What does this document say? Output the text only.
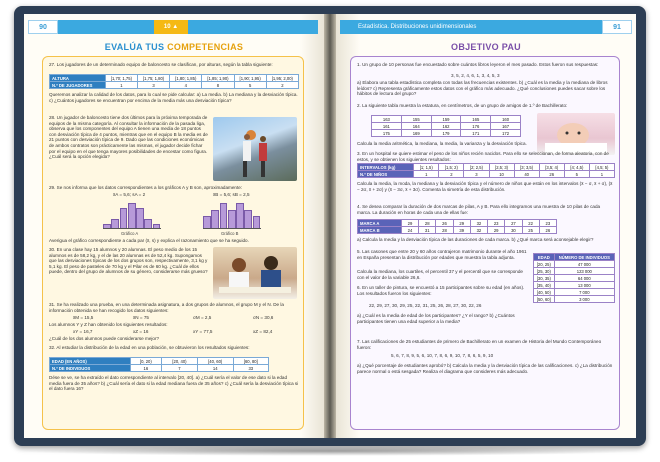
90	10 ▲
EVALÚA TUS COMPETENCIAS
27. Los jugadores de un determinado equipo de baloncesto se clasifican, por alturas, según la tabla siguiente:
ALTURA	[1,70; 1,75)	[1,75; 1,80)	[1,80; 1,85)	[1,85; 1,90)	[1,90; 1,95)	[1,95; 2,00)
N.º DE JUGADORES	1	3	4	8	5	2
Queremos analizar la calidad de los datos, para lo cual se pide calcular: a) La media. b) La mediana y la desviación típica. c) ¿Cuántos jugadores se encuentran por encima de la media más una desviación típica?
28. Un jugador de baloncesto tiene dos últimos para la próxima temporada de equipos de la misma categoría. Al consultar la información de la pasada liga, observa que los componentes del equipo A tienen una media de 18 puntos con desviación típica de 4 puntos, mientras que en el equipo B la media es de 21 puntos con desviación típica de 9. Dado que las condiciones económicas de ambos contratos son prácticamente las mismas, el jugador decide fichar por el equipo en el que tenga mayores posibilidades de encestar como figura. ¿Cuál será la opción elegida?
29. Se nos informa que los datos correspondientes a los gráficos A y B son, aproximadamente:
x̄A = 5,6; sA = 2	x̄B = 5,6; sB = 2,5
Gráfico A	Gráfico B
Averigua el gráfico correspondiente a cada par (x̄, s) y explica el razonamiento que se ha seguido.
30. En una clase hay 15 alumnos y 20 alumnas. El peso medio de los 15 alumnos es de 58,2 kg, y el de las 20 alumnas es de 52,4 kg. Supongamos que las desviaciones típicas de los dos grupos son, respectivamente, 3,1 kg y 5,1 kg. El peso de pasteles de 70 kg y el Pilar es de 60 kg. ¿Cuál de ellos puede, dentro del grupo de alumnos de su género, considerarse más grueso?
31. Se ha realizado una prueba, en una determinada asignatura, a dos grupos de alumnos, el grupo M y el N. De la información obtenida se han recogido los datos siguientes:
x̄M = 15,5	x̄N = 75	σM = 2,5	σN = 30,6
Los alumnos Y y Z han obtenido los siguientes resultados:
xY = 16,7	xZ = 16	xY = 77,5	xZ = 82,4
¿Cuál de los dos alumnos puede considerarse mejor?
32. Al estudiar la distribución de la edad en una población, se obtuvieron los resultados siguientes:
EDAD (EN AÑOS)	[0, 20)	[20, 40)	[40, 60)	[60, 80]
N.º DE INDIVIDUOS	16	7	14	33
Dése se ve, se ha extraído el dato correspondiente al intervalo [20, 40]. a) ¿Cuál sería el valor de ese dato si la edad media fuera de 35 años? b) ¿Cuál sería el dato si la edad mediana fuera de 35 años? c) ¿Cuál sería la desviación típica si el dato fuera 16?
Estadística. Distribuciones unidimensionales	91
OBJETIVO PAU
1. Un grupo de 10 personas fue encuestado sobre cuántos libros leyeron el mes pasado. Estos fueron sus respuestas:
3, 5, 2, 4, 6, 1, 3, 4, 5, 3
a) Elabora una tabla estadística completa con todas las frecuencias existentes. b) ¿Cuál es la media y la mediana de libros leídos? c) Representa gráficamente estos datos con el gráfico más adecuado. ¿Qué conclusiones puedes sacar sobre los hábitos de lectura del grupo?
2. La siguiente tabla muestra la estatura, en centímetros, de un grupo de amigos de 1.º de Bachillerato:
163	155	159	165	160
161	164	162	176	167
175	169	179	171	172
Calcula la media aritmética, la mediana, la media, la varianza y la desviación típica.
3. En un hospital se quiere estimar el peso de los niños recién nacidos. Para ello se seleccionan, de forma aleatoria, con de estos, y se obtienen los siguientes resultados:
INTERVALOS (kg)	[1; 1,5)	[1,5; 2)	[2; 2,5)	[2,5; 3)	[3; 3,5)	[3,5; 4)	[4; 4,5)	[4,5; 5)
N.º DE NIÑOS	1	2	3	10	40	26	5	1
Calcula la media, la moda, la mediana y la desviación típica y el número de niños que están en los intervalos (x̄ − σ, x̄ + σ), (x̄ − 2σ, x̄ + 2σ) y (x̄ − 3σ, x̄ + 3σ). Comenta la simetría de esta distribución.
4. Se desea comparar la duración de dos marcas de pilas, A y B. Para ello integramos una muestra de 10 pilas de cada marca. La duración en horas de cada una de ellas fue:
MARCA A	29	28	26	29	32	23	27	22	23
MARCA B	24	31	28	39	32	29	30	25	26
a) Calcula la media y la desviación típica de las duraciones de cada marca. b) ¿Qué marca será aconsejable elegir?
5. Las casones que entre 20 y 60 años contrajeron matrimonio durante el año 1961 en España presentan la distribución por edades que muestra la tabla adjunta.
Calcula la mediana, los cuartiles, el percentil 37 y el percentil que se corresponde con el valor de la variable 26,6.
EDAD	NÚMERO DE INDIVIDUOS
[20, 25)	47 000
[25, 30)	123 000
[30, 35)	64 000
[35, 40)	13 000
[40, 50)	7 000
[50, 60]	3 000
6. En un taller de pintura, se encuestó a 15 participantes sobre su edad (en años). Los resultados fueron los siguientes:
22, 29, 27, 30, 29, 25, 22, 31, 25, 26, 28, 27, 30, 22, 26
a) ¿Cuál es la media de edad de los participantes? ¿Y el rango? b) ¿Cuántos participantes tienen una edad superior a la media?
7. Las calificaciones de 25 estudiantes de primero de Bachillerato en un examen de Historia del Mundo Contemporáneo fueron:
5, 6, 7, 8, 9, 5, 6, 10, 7, 8, 6, 9, 10, 7, 8, 6, 5, 9, 10
a) ¿Qué porcentaje de estudiantes aprobó? b) Calcula la media y la desviación típica de las calificaciones. c) ¿La distribución parece normal o está sesgada? Realiza el diagrama que consideres más adecuado.
